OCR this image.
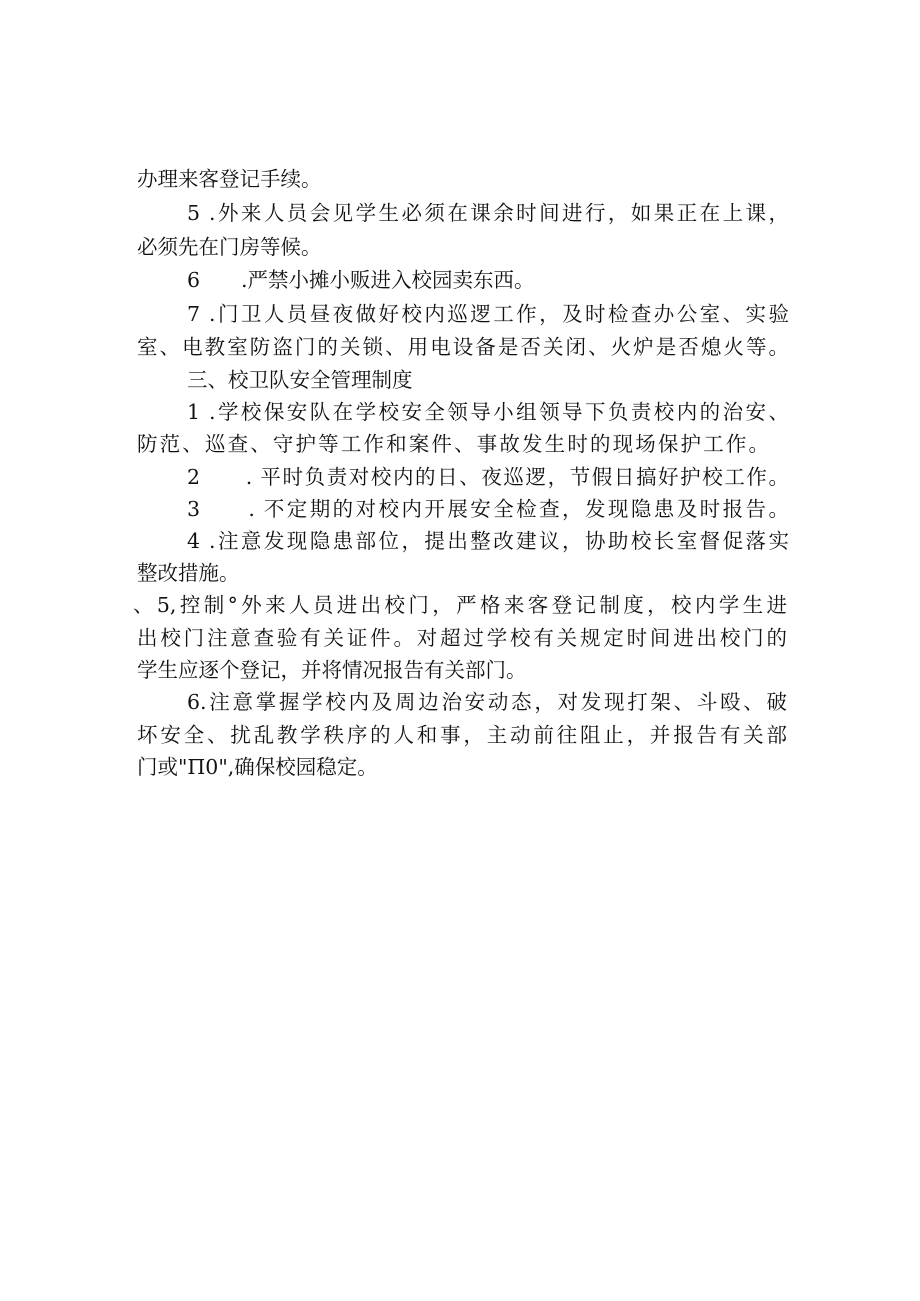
办理来客登记手续。
5 .外来人员会见学生必须在课余时间进行，如果正在上课，
必须先在门房等候。
6　　.严禁小摊小贩进入校园卖东西。
7 .门卫人员昼夜做好校内巡逻工作，及时检查办公室、实验
室、电教室防盗门的关锁、用电设备是否关闭、火炉是否熄火等。
三、校卫队安全管理制度
1 .学校保安队在学校安全领导小组领导下负责校内的治安、
防范、巡查、守护等工作和案件、事故发生时的现场保护工作。
2　　. 平时负责对校内的日、夜巡逻，节假日搞好护校工作。
3　　. 不定期的对校内开展安全检查，发现隐患及时报告。
4 .注意发现隐患部位，提出整改建议，协助校长室督促落实
整改措施。
、5,控制°外来人员进出校门，严格来客登记制度，校内学生进
出校门注意查验有关证件。对超过学校有关规定时间进出校门的
学生应逐个登记，并将情况报告有关部门。
6.注意掌握学校内及周边治安动态，对发现打架、斗殴、破
坏安全、扰乱教学秩序的人和事，主动前往阻止，并报告有关部
门或"Π0",确保校园稳定。
